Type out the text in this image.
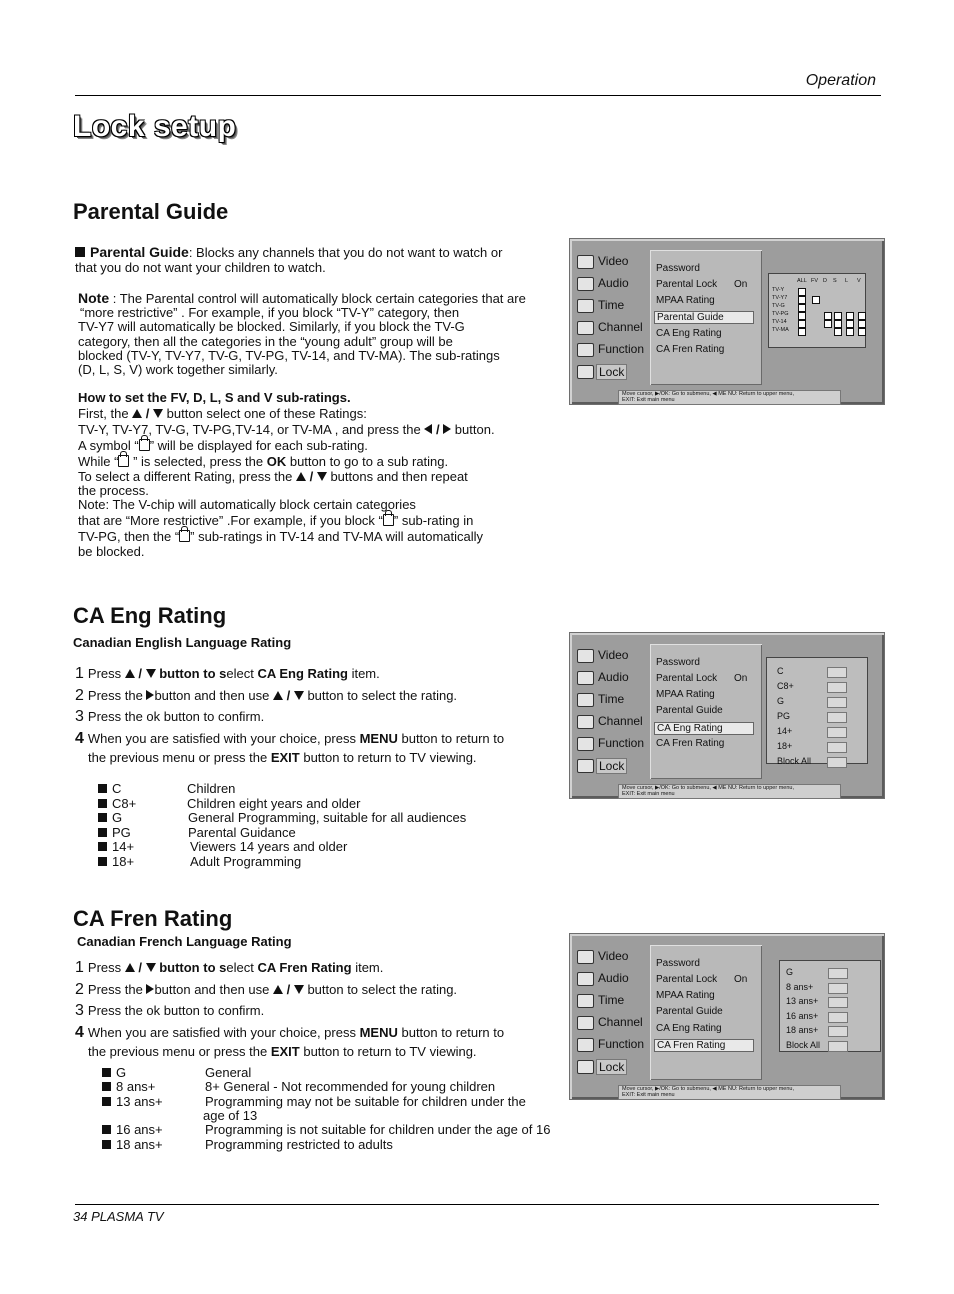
Operation
Lock setup
Parental Guide
Parental Guide: Blocks any channels that you do not want to watch or
that you do not want your children to watch.
Note : The Parental control will automatically block certain categories that are
“more restrictive” . For example, if you block “TV-Y” category, then
TV-Y7 will automatically be blocked. Similarly, if you block the TV-G
category, then all the categories in the “young adult” group will be
blocked (TV-Y, TV-Y7, TV-G, TV-PG, TV-14, and TV-MA). The sub-ratings
(D, L, S, V) work together similarly.
How to set the FV, D, L, S and V sub-ratings.
First, the  /  button select one of these Ratings:
TV-Y, TV-Y7, TV-G, TV-PG,TV-14, or TV-MA , and press the  /  button.
A symbol “ ” will be displayed for each sub-rating.
While “ ” is selected, press the OK button to go to a sub rating.
To select a different Rating, press the  /  buttons and then repeat
the process.
Note: The V-chip will automatically block certain categories
that are “More restrictive” .For example, if you block “ ” sub-rating in
TV-PG, then the “ ” sub-ratings in TV-14 and TV-MA will automatically
be blocked.
Video
Audio
Time
Channel
Function
Lock
Password
Parental Lock On
MPAA Rating
Parental Guide
CA Eng Rating
CA Fren Rating
ALL FV D S L V
TV-Y
TV-Y7
TV-G
TV-PG
TV-14
TV-MA
Move cursor, ▶/OK: Go to submenu, ◀ ME NU: Return to upper menu,
EXIT: Exit main menu
CA Eng Rating
Canadian English Language Rating
1 Press  /  button to select CA Eng Rating item.
2 Press the button and then use  /  button to select the rating.
3 Press the ok button to confirm.
4 When you are satisfied with your choice, press MENU button to return to
the previous menu or press the EXIT button to return to TV viewing.
C	Children
C8+	Children eight years and older
G	General Programming, suitable for all audiences
PG	Parental Guidance
14+	Viewers 14 years and older
18+	Adult Programming
Video
Audio
Time
Channel
Function
Lock
Password
Parental Lock On
MPAA Rating
Parental Guide
CA Eng Rating
CA Fren Rating
C
C8+
G
PG
14+
18+
Block All
Move cursor, ▶/OK: Go to submenu, ◀ ME NU: Return to upper menu,
EXIT: Exit main menu
CA Fren Rating
Canadian French Language Rating
1 Press  /  button to select CA Fren Rating item.
2 Press the button and then use  /  button to select the rating.
3 Press the ok button to confirm.
4 When you are satisfied with your choice, press MENU button to return to
the previous menu or press the EXIT button to return to TV viewing.
G	General
8 ans+	8+ General - Not recommended for young children
13 ans+	Programming may not be suitable for children under the
age of 13
16 ans+	Programming is not suitable for children under the age of 16
18 ans+	Programming restricted to adults
Video
Audio
Time
Channel
Function
Lock
Password
Parental Lock On
MPAA Rating
Parental Guide
CA Eng Rating
CA Fren Rating
G
8 ans+
13 ans+
16 ans+
18 ans+
Block All
Move cursor, ▶/OK: Go to submenu, ◀ ME NU: Return to upper menu,
EXIT: Exit main menu
34 PLASMA TV
